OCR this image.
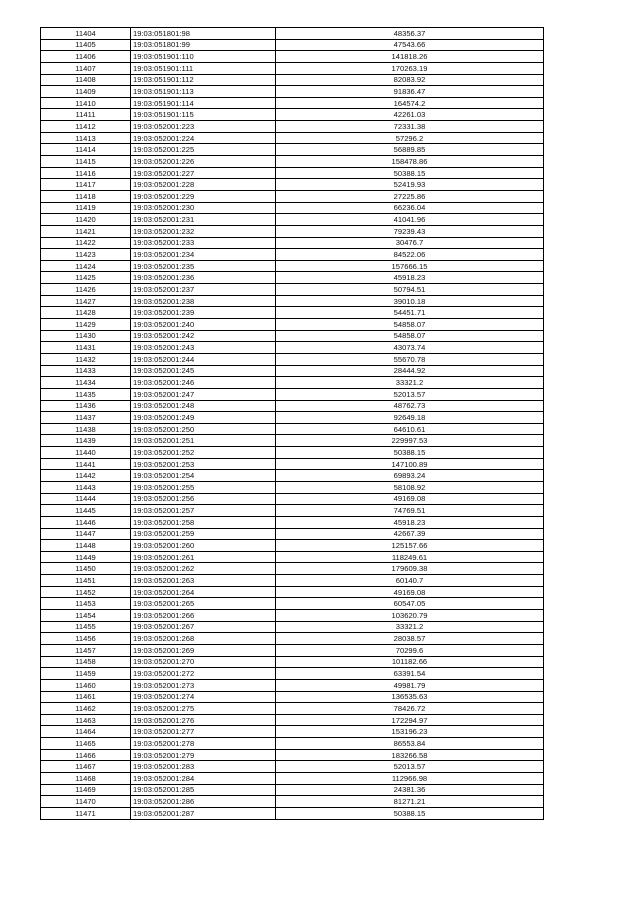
11404	19:03:051801:98	48356.37
11405	19:03:051801:99	47543.66
11406	19:03:051901:110	141818.26
11407	19:03:051901:111	170263.19
11408	19:03:051901:112	82083.92
11409	19:03:051901:113	91836.47
11410	19:03:051901:114	164574.2
11411	19:03:051901:115	42261.03
11412	19:03:052001:223	72331.38
11413	19:03:052001:224	57296.2
11414	19:03:052001:225	56889.85
11415	19:03:052001:226	158478.86
11416	19:03:052001:227	50388.15
11417	19:03:052001:228	52419.93
11418	19:03:052001:229	27225.86
11419	19:03:052001:230	66236.04
11420	19:03:052001:231	41041.96
11421	19:03:052001:232	79239.43
11422	19:03:052001:233	30476.7
11423	19:03:052001:234	84522.06
11424	19:03:052001:235	157666.15
11425	19:03:052001:236	45918.23
11426	19:03:052001:237	50794.51
11427	19:03:052001:238	39010.18
11428	19:03:052001:239	54451.71
11429	19:03:052001:240	54858.07
11430	19:03:052001:242	54858.07
11431	19:03:052001:243	43073.74
11432	19:03:052001:244	55670.78
11433	19:03:052001:245	28444.92
11434	19:03:052001:246	33321.2
11435	19:03:052001:247	52013.57
11436	19:03:052001:248	48762.73
11437	19:03:052001:249	92649.18
11438	19:03:052001:250	64610.61
11439	19:03:052001:251	229997.53
11440	19:03:052001:252	50388.15
11441	19:03:052001:253	147100.89
11442	19:03:052001:254	69893.24
11443	19:03:052001:255	58108.92
11444	19:03:052001:256	49169.08
11445	19:03:052001:257	74769.51
11446	19:03:052001:258	45918.23
11447	19:03:052001:259	42667.39
11448	19:03:052001:260	125157.66
11449	19:03:052001:261	118249.61
11450	19:03:052001:262	179609.38
11451	19:03:052001:263	60140.7
11452	19:03:052001:264	49169.08
11453	19:03:052001:265	60547.05
11454	19:03:052001:266	103620.79
11455	19:03:052001:267	33321.2
11456	19:03:052001:268	28038.57
11457	19:03:052001:269	70299.6
11458	19:03:052001:270	101182.66
11459	19:03:052001:272	63391.54
11460	19:03:052001:273	49981.79
11461	19:03:052001:274	136535.63
11462	19:03:052001:275	78426.72
11463	19:03:052001:276	172294.97
11464	19:03:052001:277	153196.23
11465	19:03:052001:278	86553.84
11466	19:03:052001:279	183266.58
11467	19:03:052001:283	52013.57
11468	19:03:052001:284	112966.98
11469	19:03:052001:285	24381.36
11470	19:03:052001:286	81271.21
11471	19:03:052001:287	50388.15
